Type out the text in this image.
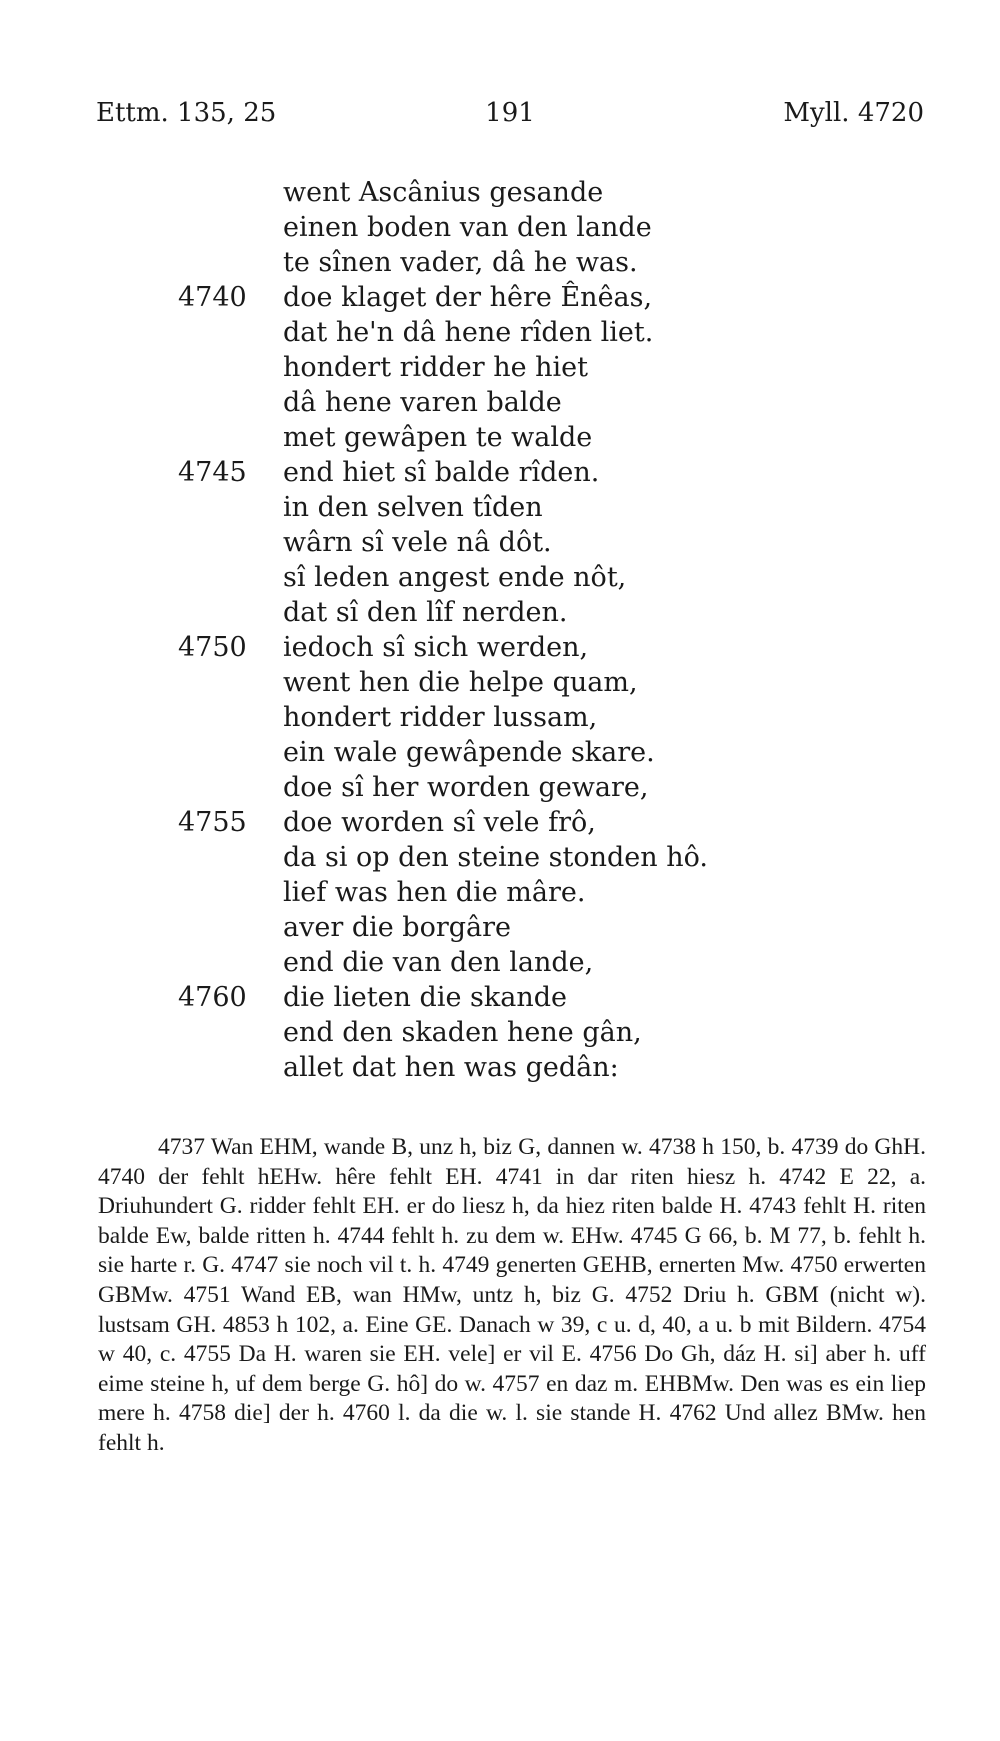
Ettm. 135, 25	191	Myll. 4720
went Ascânius gesande
einen boden van den lande
te sînen vader, dâ he was.
4740 doe klaget der hêre Ênêas,
dat he'n dâ hene rîden liet.
hondert ridder he hiet
dâ hene varen balde
met gewâpen te walde
4745 end hiet sî balde rîden.
in den selven tîden
wârn sî vele nâ dôt.
sî leden angest ende nôt,
dat sî den lîf nerden.
4750 iedoch sî sich werden,
went hen die helpe quam,
hondert ridder lussam,
ein wale gewâpende skare.
doe sî her worden geware,
4755 doe worden sî vele frô,
da si op den steine stonden hô.
lief was hen die mâre.
aver die borgâre
end die van den lande,
4760 die lieten die skande
end den skaden hene gân,
allet dat hen was gedân:

4737 Wan EHM, wande B, unz h, biz G, dannen w. 4738 h 150, b. 4739 do GhH. 4740 der fehlt hEHw. hêre fehlt EH. 4741 in dar riten hiesz h. 4742 E 22, a. Driuhundert G. ridder fehlt EH. er do liesz h, da hiez riten balde H. 4743 fehlt H. riten balde Ew, balde ritten h. 4744 fehlt h. zu dem w. EHw. 4745 G 66, b. M 77, b. fehlt h. sie harte r. G. 4747 sie noch vil t. h. 4749 generten GEHB, ernerten Mw. 4750 erwerten GBMw. 4751 Wand EB, wan HMw, untz h, biz G. 4752 Driu h. GBM (nicht w). lustsam GH. 4853 h 102, a. Eine GE. Danach w 39, c u. d, 40, a u. b mit Bildern. 4754 w 40, c. 4755 Da H. waren sie EH. vele] er vil E. 4756 Do Gh, dáz H. si] aber h. uff eime steine h, uf dem berge G. hô] do w. 4757 en daz m. EHBMw. Den was es ein liep mere h. 4758 die] der h. 4760 l. da die w. l. sie stande H. 4762 Und allez BMw. hen fehlt h.
